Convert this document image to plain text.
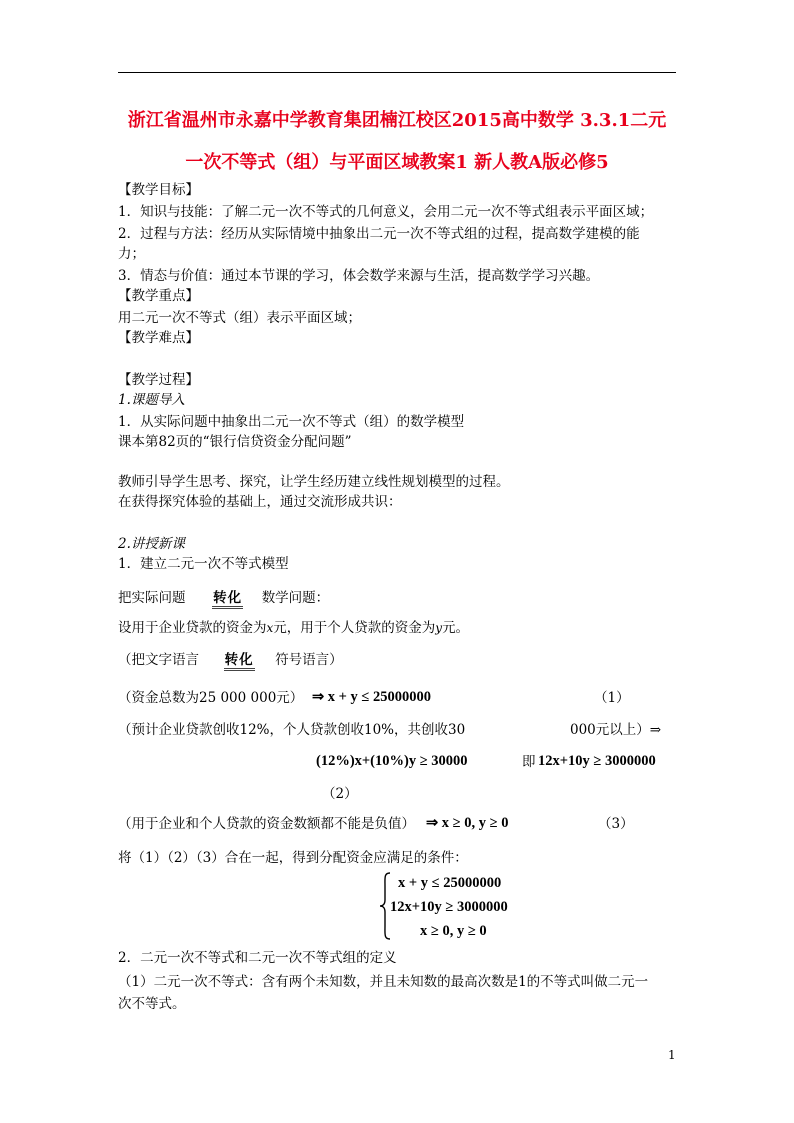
浙江省温州市永嘉中学教育集团楠江校区2015高中数学 3.3.1二元
一次不等式（组）与平面区域教案1 新人教A版必修5
【教学目标】
1．知识与技能：了解二元一次不等式的几何意义，会用二元一次不等式组表示平面区域；
2．过程与方法：经历从实际情境中抽象出二元一次不等式组的过程，提高数学建模的能
力；
3．情态与价值：通过本节课的学习，体会数学来源与生活，提高数学学习兴趣。
【教学重点】
用二元一次不等式（组）表示平面区域；
【教学难点】
【教学过程】
1.课题导入
1．从实际问题中抽象出二元一次不等式（组）的数学模型
课本第82页的“银行信贷资金分配问题”
教师引导学生思考、探究，让学生经历建立线性规划模型的过程。
在获得探究体验的基础上，通过交流形成共识：
2.讲授新课
1．建立二元一次不等式模型
把实际问题 转化 数学问题：
设用于企业贷款的资金为x元，用于个人贷款的资金为y元。
（把文字语言 转化 符号语言）
（资金总数为25 000 000元） ⇒ x + y ≤ 25000000	（1）
（预计企业贷款创收12%，个人贷款创收10%，共创收30	000元以上）⇒
(12%)x+(10%)y ≥ 30000	即 12x+10y ≥ 3000000
（2）
（用于企业和个人贷款的资金数额都不能是负值） ⇒ x ≥ 0, y ≥ 0	（3）
将（1）（2）（3）合在一起，得到分配资金应满足的条件：
x + y ≤ 25000000
12x+10y ≥ 3000000
x ≥ 0, y ≥ 0
2．二元一次不等式和二元一次不等式组的定义
（1）二元一次不等式：含有两个未知数，并且未知数的最高次数是1的不等式叫做二元一
次不等式。
1
